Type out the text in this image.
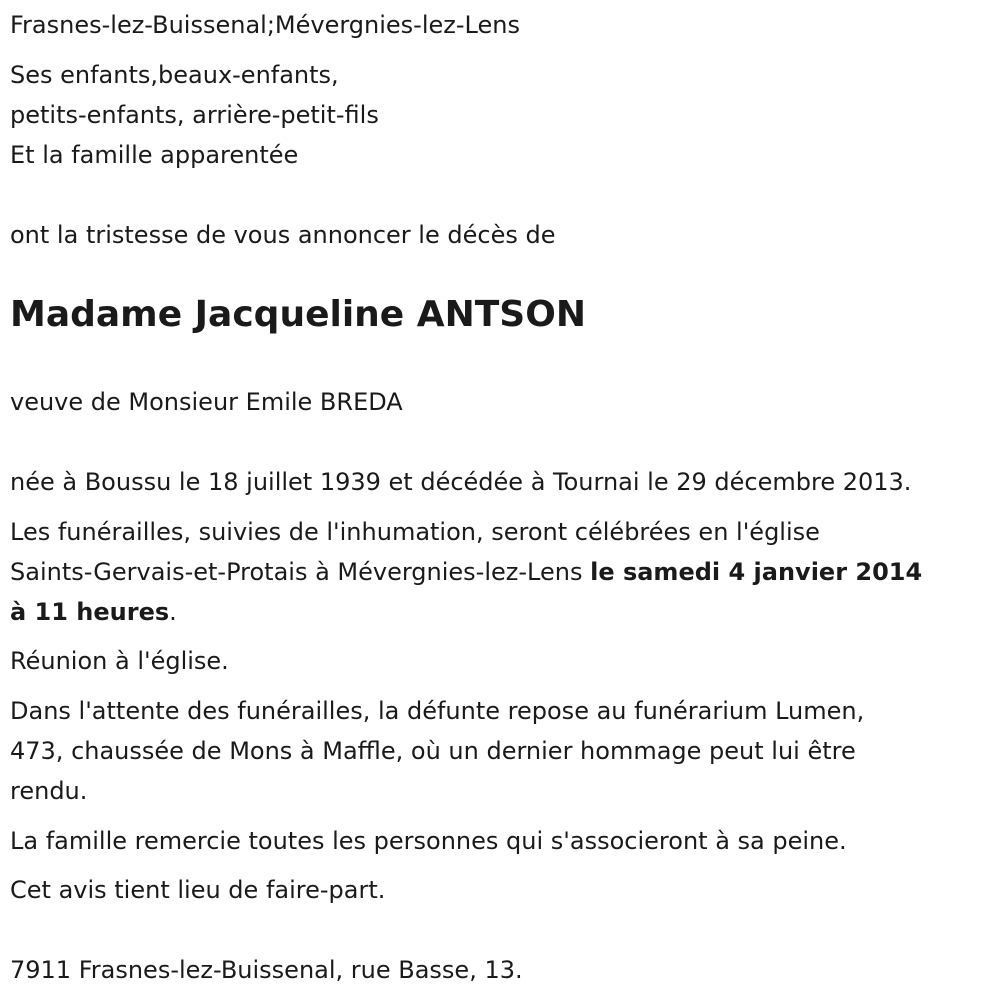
Frasnes-lez-Buissenal;Mévergnies-lez-Lens
Ses enfants,beaux-enfants,
petits-enfants, arrière-petit-fils
Et la famille apparentée
ont la tristesse de vous annoncer le décès de
Madame Jacqueline ANTSON
veuve de Monsieur Emile BREDA
née à Boussu le 18 juillet 1939 et décédée à Tournai le 29 décembre 2013.
Les funérailles, suivies de l'inhumation, seront célébrées en l'église
Saints-Gervais-et-Protais à Mévergnies-lez-Lens le samedi 4 janvier 2014
à 11 heures.
Réunion à l'église.
Dans l'attente des funérailles, la défunte repose au funérarium Lumen,
473, chaussée de Mons à Maffle, où un dernier hommage peut lui être
rendu.
La famille remercie toutes les personnes qui s'associeront à sa peine.
Cet avis tient lieu de faire-part.
7911 Frasnes-lez-Buissenal, rue Basse, 13.
